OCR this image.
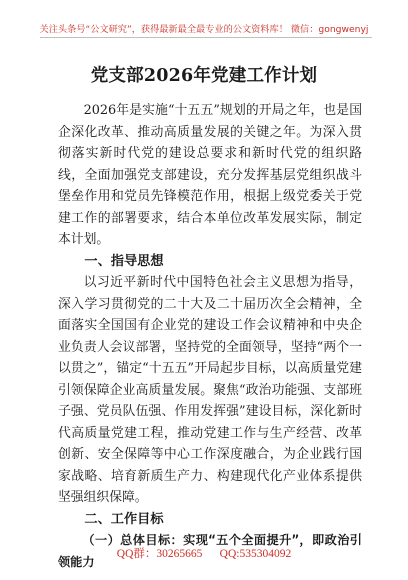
关注头条号“公文研究”，获得最新最全最专业的公文资料库！ 微信：gongwenyj
党支部2026年党建工作计划

2026年是实施“十五五”规划的开局之年，也是国企深化改革、推动高质量发展的关键之年。为深入贯彻落实新时代党的建设总要求和新时代党的组织路线，全面加强党支部建设，充分发挥基层党组织战斗堡垒作用和党员先锋模范作用，根据上级党委关于党建工作的部署要求，结合本单位改革发展实际，制定本计划。

一、指导思想

以习近平新时代中国特色社会主义思想为指导，深入学习贯彻党的二十大及二十届历次全会精神，全面落实全国国有企业党的建设工作会议精神和中央企业负责人会议部署，坚持党的全面领导，坚持“两个一以贯之”，锚定“十五五”开局起步目标，以高质量党建引领保障企业高质量发展。聚焦“政治功能强、支部班子强、党员队伍强、作用发挥强”建设目标，深化新时代高质量党建工程，推动党建工作与生产经营、改革创新、安全保障等中心工作深度融合，为企业践行国家战略、培育新质生产力、构建现代化产业体系提供坚强组织保障。

二、工作目标

（一）总体目标：实现“五个全面提升”，即政治引领能力

QQ群：30265665      QQ:535304092
